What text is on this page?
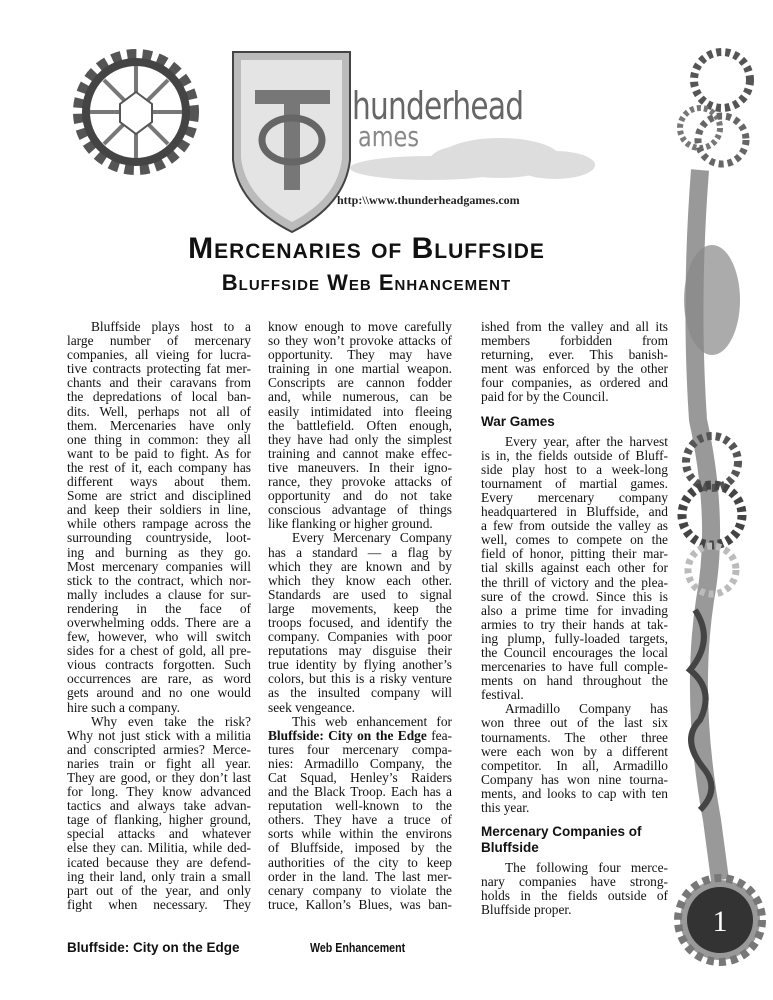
hunderhead
ames
http:\\www.thunderheadgames.com
Mercenaries of Bluffside
Bluffside Web Enhancement
Bluffside plays host to a
large number of mercenary
companies, all vieing for lucra-
tive contracts protecting fat mer-
chants and their caravans from
the depredations of local ban-
dits. Well, perhaps not all of
them. Mercenaries have only
one thing in common: they all
want to be paid to fight. As for
the rest of it, each company has
different ways about them.
Some are strict and disciplined
and keep their soldiers in line,
while others rampage across the
surrounding countryside, loot-
ing and burning as they go.
Most mercenary companies will
stick to the contract, which nor-
mally includes a clause for sur-
rendering in the face of
overwhelming odds. There are a
few, however, who will switch
sides for a chest of gold, all pre-
vious contracts forgotten. Such
occurrences are rare, as word
gets around and no one would
hire such a company.
Why even take the risk?
Why not just stick with a militia
and conscripted armies? Merce-
naries train or fight all year.
They are good, or they don’t last
for long. They know advanced
tactics and always take advan-
tage of flanking, higher ground,
special attacks and whatever
else they can. Militia, while ded-
icated because they are defend-
ing their land, only train a small
part out of the year, and only
fight when necessary. They
know enough to move carefully
so they won’t provoke attacks of
opportunity. They may have
training in one martial weapon.
Conscripts are cannon fodder
and, while numerous, can be
easily intimidated into fleeing
the battlefield. Often enough,
they have had only the simplest
training and cannot make effec-
tive maneuvers. In their igno-
rance, they provoke attacks of
opportunity and do not take
conscious advantage of things
like flanking or higher ground.
Every Mercenary Company
has a standard — a flag by
which they are known and by
which they know each other.
Standards are used to signal
large movements, keep the
troops focused, and identify the
company. Companies with poor
reputations may disguise their
true identity by flying another’s
colors, but this is a risky venture
as the insulted company will
seek vengeance.
This web enhancement for
Bluffside: City on the Edge fea-
tures four mercenary compa-
nies: Armadillo Company, the
Cat Squad, Henley’s Raiders
and the Black Troop. Each has a
reputation well-known to the
others. They have a truce of
sorts while within the environs
of Bluffside, imposed by the
authorities of the city to keep
order in the land. The last mer-
cenary company to violate the
truce, Kallon’s Blues, was ban-
ished from the valley and all its
members forbidden from
returning, ever. This banish-
ment was enforced by the other
four companies, as ordered and
paid for by the Council.
War Games
Every year, after the harvest
is in, the fields outside of Bluff-
side play host to a week-long
tournament of martial games.
Every mercenary company
headquartered in Bluffside, and
a few from outside the valley as
well, comes to compete on the
field of honor, pitting their mar-
tial skills against each other for
the thrill of victory and the plea-
sure of the crowd. Since this is
also a prime time for invading
armies to try their hands at tak-
ing plump, fully-loaded targets,
the Council encourages the local
mercenaries to have full comple-
ments on hand throughout the
festival.
Armadillo Company has
won three out of the last six
tournaments. The other three
were each won by a different
competitor. In all, Armadillo
Company has won nine tourna-
ments, and looks to cap with ten
this year.
Mercenary Companies of Bluffside
The following four merce-
nary companies have strong-
holds in the fields outside of
Bluffside proper.
Bluffside: City on the Edge	Web Enhancement
1
